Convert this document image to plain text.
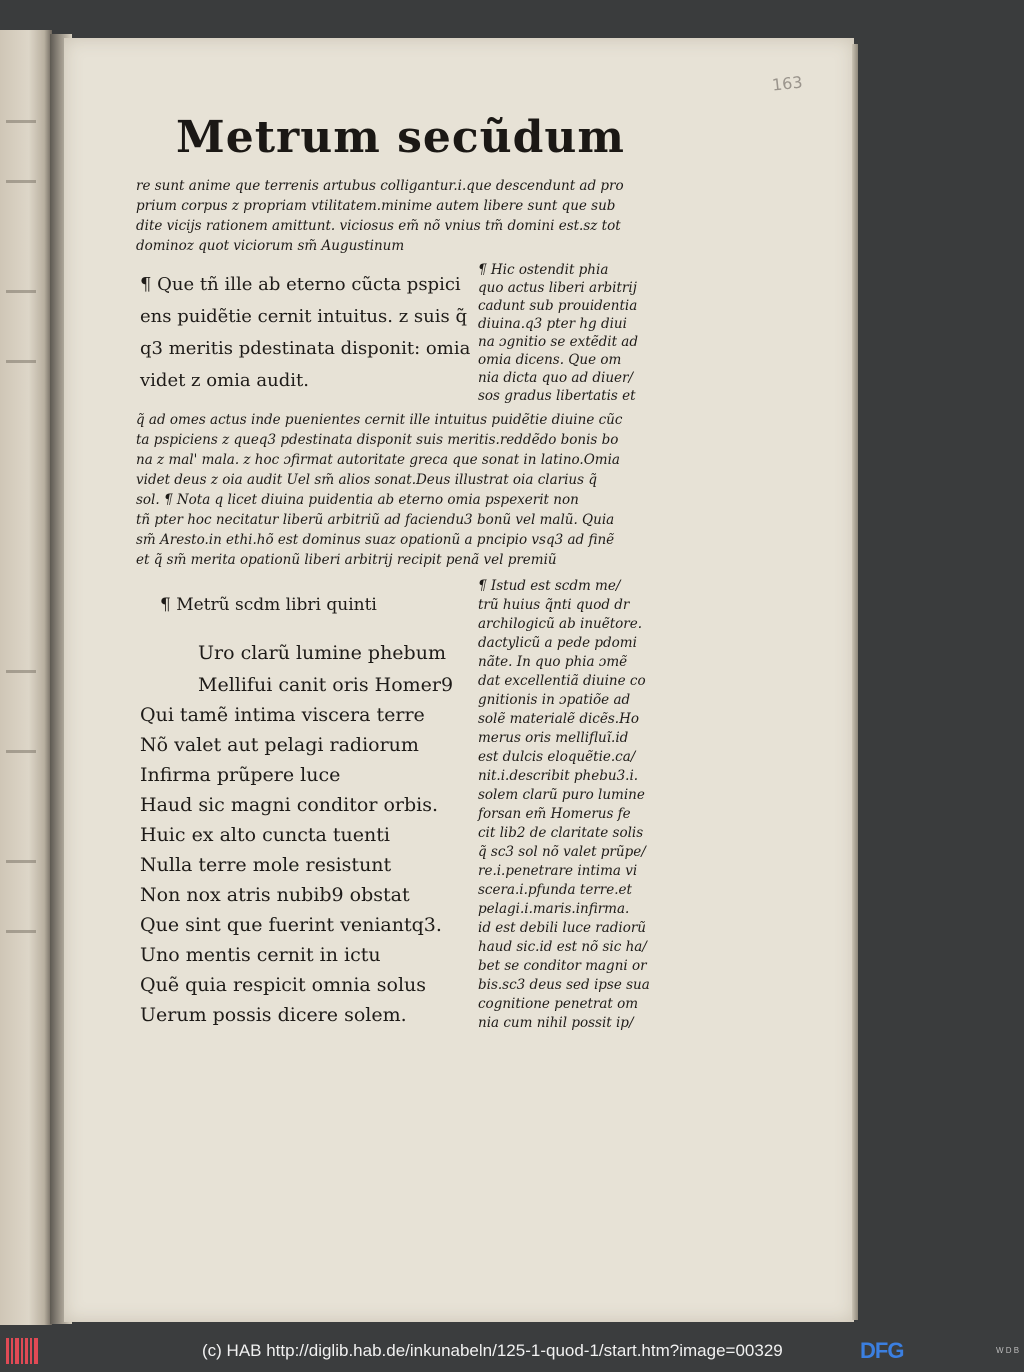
163
Metrum secũdum
re sunt anime que terrenis artubus colligantur.i.que descendunt ad pro
prium corpus z propriam vtilitatem.minime autem libere sunt que sub
dite vicijs rationem amittunt. viciosus em̃ nõ vnius tm̃ domini est.sz tot
dominoz quot viciorum sm̃ Augustinum
¶ Que tñ ille ab eterno cũcta pspici
ens puidẽtie cernit intuitus. z suis q̃
q3 meritis pdestinata disponit: omia
videt z omia audit.
¶ Hic ostendit phia
quo actus liberi arbitrij
cadunt sub prouidentia
diuina.q3 pter hg diui
na ɔgnitio se extẽdit ad
omia dicens. Que om
nia dicta quo ad diuer/
sos gradus libertatis et
q̃ ad omes actus inde puenientes cernit ille intuitus puidẽtie diuine cũc
ta pspiciens z queq3 pdestinata disponit suis meritis.reddẽdo bonis bo
na z mal' mala. z hoc ɔfirmat autoritate greca que sonat in latino.Omia
videt deus z oia audit Uel sm̃ alios sonat.Deus illustrat oia clarius q̃
sol. ¶ Nota q licet diuina puidentia ab eterno omia pspexerit non
tñ pter hoc necitatur liberũ arbitriũ ad faciendu3 bonũ vel malũ. Quia
sm̃ Aresto.in ethi.hõ est dominus suaz opationũ a pncipio vsq3 ad finẽ
et q̃ sm̃ merita opationũ liberi arbitrij recipit penã vel premiũ
¶ Metrũ scdm libri quinti
Uro clarũ lumine phebum
Mellifui canit oris Homer9
Qui tamẽ intima viscera terre
Nõ valet aut pelagi radiorum
Infirma prũpere luce
Haud sic magni conditor orbis.
Huic ex alto cuncta tuenti
Nulla terre mole resistunt
Non nox atris nubib9 obstat
Que sint que fuerint veniantq3.
Uno mentis cernit in ictu
Quẽ quia respicit omnia solus
Uerum possis dicere solem.
¶ Istud est scdm me/
trũ huius q̃nti quod dr
archilogicũ ab inuẽtore.
dactylicũ a pede pdomi
nãte. In quo phia ɔmẽ
dat excellentiã diuine co
gnitionis in ɔpatiõe ad
solẽ materialẽ dicẽs.Ho
merus oris mellifluĩ.id
est dulcis eloquẽtie.ca/
nit.i.describit phebu3.i.
solem clarũ puro lumine
forsan em̃ Homerus fe
cit lib2 de claritate solis
q̃ sc3 sol nõ valet prũpe/
re.i.penetrare intima vi
scera.i.pfunda terre.et
pelagi.i.maris.infirma.
id est debili luce radiorũ
haud sic.id est nõ sic ha/
bet se conditor magni or
bis.sc3 deus sed ipse sua
cognitione penetrat om
nia cum nihil possit ip/
(c) HAB http://diglib.hab.de/inkunabeln/125-1-quod-1/start.htm?image=00329	DFG	W D B
